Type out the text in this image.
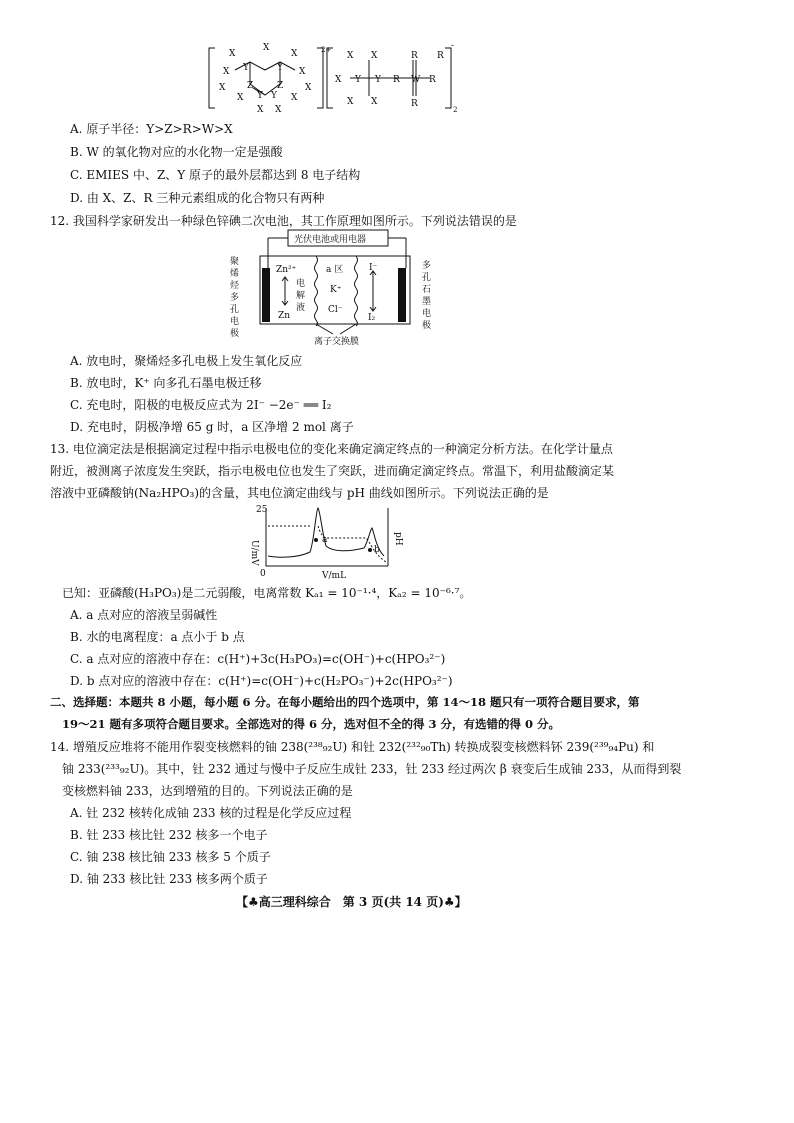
X
X
X
X	X
X
X	X
X X
X
Y
Z
Y
Z
Y Y
2+
X
X
X
X
X
Y Y R W R
R
R
R
-
2
A. 原子半径：Y>Z>R>W>X
B. W 的氧化物对应的水化物一定是强酸
C. EMIES 中、Z、Y 原子的最外层都达到 8 电子结构
D. 由 X、Z、R 三种元素组成的化合物只有两种
12. 我国科学家研发出一种绿色锌碘二次电池，其工作原理如图所示。下列说法错误的是
光伏电池或用电器
聚
烯
烃
多
孔
电
极
多
孔
石
墨
电
极
Zn²⁺
Zn
电
解
液
a 区
K⁺
Cl⁻
I⁻
I₂
离子交换膜
A. 放电时，聚烯烃多孔电极上发生氧化反应
B. 放电时，K⁺ 向多孔石墨电极迁移
C. 充电时，阳极的电极反应式为 2I⁻ −2e⁻ ══ I₂
D. 充电时，阴极净增 65 g 时，a 区净增 2 mol 离子
13. 电位滴定法是根据滴定过程中指示电极电位的变化来确定滴定终点的一种滴定分析方法。在化学计量点
附近，被测离子浓度发生突跃，指示电极电位也发生了突跃，进而确定滴定终点。常温下，利用盐酸滴定某
溶液中亚磷酸钠(Na₂HPO₃)的含量，其电位滴定曲线与 pH 曲线如图所示。下列说法正确的是
25
0
U/mV
pH
V/mL
a
b
已知：亚磷酸(H₃PO₃)是二元弱酸，电离常数 Kₐ₁ = 10⁻¹·⁴，Kₐ₂ = 10⁻⁶·⁷。
A. a 点对应的溶液呈弱碱性
B. 水的电离程度：a 点小于 b 点
C. a 点对应的溶液中存在：c(H⁺)+3c(H₃PO₃)=c(OH⁻)+c(HPO₃²⁻)
D. b 点对应的溶液中存在：c(H⁺)=c(OH⁻)+c(H₂PO₃⁻)+2c(HPO₃²⁻)
二、选择题：本题共 8 小题，每小题 6 分。在每小题给出的四个选项中，第 14～18 题只有一项符合题目要求，第
19～21 题有多项符合题目要求。全部选对的得 6 分，选对但不全的得 3 分，有选错的得 0 分。
14. 增殖反应堆将不能用作裂变核燃料的铀 238(²³⁸₉₂U) 和钍 232(²³²₉₀Th) 转换成裂变核燃料钚 239(²³⁹₉₄Pu) 和
铀 233(²³³₉₂U)。其中，钍 232 通过与慢中子反应生成钍 233，钍 233 经过两次 β 衰变后生成铀 233，从而得到裂
变核燃料铀 233，达到增殖的目的。下列说法正确的是
A. 钍 232 核转化成铀 233 核的过程是化学反应过程
B. 钍 233 核比钍 232 核多一个电子
C. 铀 238 核比铀 233 核多 5 个质子
D. 铀 233 核比钍 233 核多两个质子
【♣高三理科综合　第 3 页(共 14 页)♣】
